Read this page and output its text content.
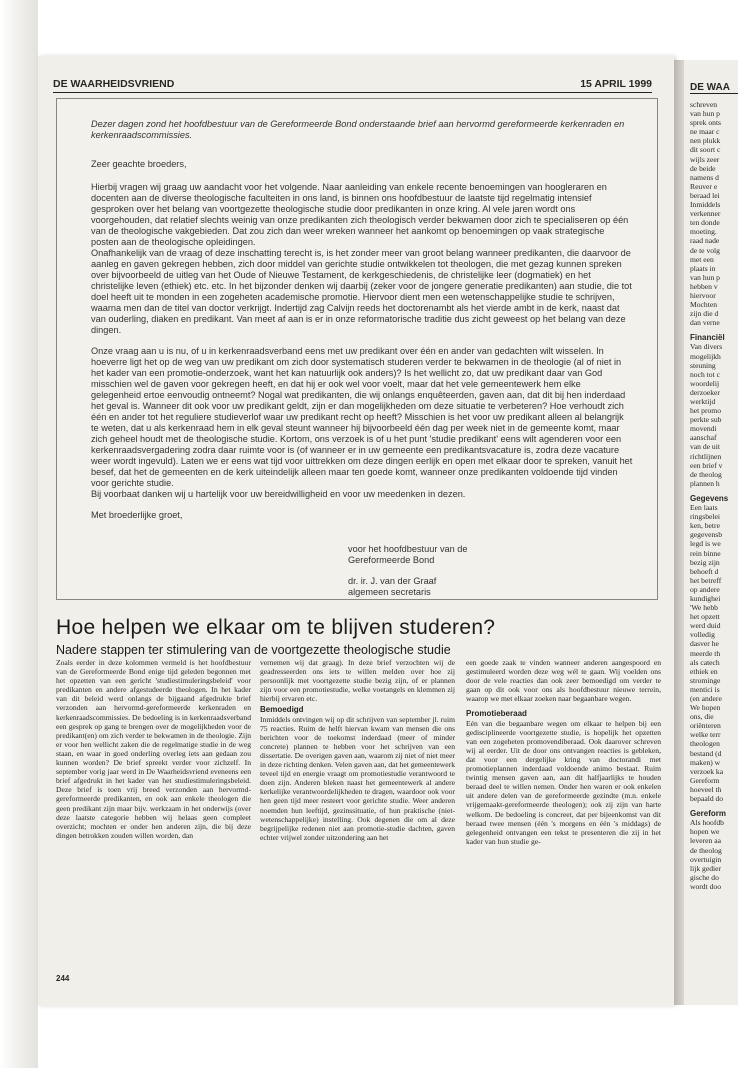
DE WAARHEIDSVRIEND	15 APRIL 1999

Dezer dagen zond het hoofdbestuur van de Gereformeerde Bond onderstaande brief aan hervormd gereformeerde kerkenraden en kerkenraadscommissies.

Zeer geachte broeders,

Hierbij vragen wij graag uw aandacht voor het volgende. Naar aanleiding van enkele recente benoemingen van hoogleraren en docenten aan de diverse theologische faculteiten in ons land, is binnen ons hoofdbestuur de laatste tijd regelmatig intensief gesproken over het belang van voortgezette theologische studie door predikanten in onze kring. Al vele jaren wordt ons voorgehouden, dat relatief slechts weinig van onze predikanten zich theologisch verder bekwamen door zich te specialiseren op één van de theologische vakgebieden. Dat zou zich dan weer wreken wanneer het aankomt op benoemingen op vaak strategische posten aan de theologische opleidingen.

Onafhankelijk van de vraag of deze inschatting terecht is, is het zonder meer van groot belang wanneer predikanten, die daarvoor de aanleg en gaven gekregen hebben, zich door middel van gerichte studie ontwikkelen tot theologen, die met gezag kunnen spreken over bijvoorbeeld de uitleg van het Oude of Nieuwe Testament, de kerkgeschiedenis, de christelijke leer (dogmatiek) en het christelijke leven (ethiek) etc. etc. In het bijzonder denken wij daarbij (zeker voor de jongere generatie predikanten) aan studie, die tot doel heeft uit te monden in een zogeheten academische promotie. Hiervoor dient men een wetenschappelijke studie te schrijven, waarna men dan de titel van doctor verkrijgt. Indertijd zag Calvijn reeds het doctorenambt als het vierde ambt in de kerk, naast dat van ouderling, diaken en predikant. Van meet af aan is er in onze reformatorische traditie dus zicht geweest op het belang van deze dingen.

Onze vraag aan u is nu, of u in kerkenraadsverband eens met uw predikant over één en ander van gedachten wilt wisselen. In hoeverre ligt het op de weg van uw predikant om zich door systematisch studeren verder te bekwamen in de theologie (al of niet in het kader van een promotie-onderzoek, want het kan natuurlijk ook anders)? Is het wellicht zo, dat uw predikant daar van God misschien wel de gaven voor gekregen heeft, en dat hij er ook wel voor voelt, maar dat het vele gemeentewerk hem elke gelegenheid ertoe eenvoudig ontneemt? Nogal wat predikanten, die wij onlangs enquêteerden, gaven aan, dat dit bij hen inderdaad het geval is. Wanneer dit ook voor uw predikant geldt, zijn er dan mogelijkheden om deze situatie te verbeteren? Hoe verhoudt zich één en ander tot het reguliere studieverlof waar uw predikant recht op heeft? Misschien is het voor uw predikant alleen al belangrijk te weten, dat u als kerkenraad hem in elk geval steunt wanneer hij bijvoorbeeld één dag per week niet in de gemeente komt, maar zich geheel houdt met de theologische studie. Kortom, ons verzoek is of u het punt 'studie predikant' eens wilt agenderen voor een kerkenraadsvergadering zodra daar ruimte voor is (of wanneer er in uw gemeente een predikantsvacature is, zodra deze vacature weer wordt ingevuld). Laten we er eens wat tijd voor uittrekken om deze dingen eerlijk en open met elkaar door te spreken, vanuit het besef, dat het de gemeenten en de kerk uiteindelijk alleen maar ten goede komt, wanneer onze predikanten voldoende tijd vinden voor gerichte studie.

Bij voorbaat danken wij u hartelijk voor uw bereidwilligheid en voor uw meedenken in dezen.

Met broederlijke groet,

voor het hoofdbestuur van de
Gereformeerde Bond
dr. ir. J. van der Graaf
algemeen secretaris
Hoe helpen we elkaar om te blijven studeren?
Nadere stappen ter stimulering van de voortgezette theologische studie

Zoals eerder in deze kolommen vermeld is het hoofdbestuur van de Gereformeerde Bond enige tijd geleden begonnen met het opzetten van een gericht 'studiestimuleringsbeleid' voor predikanten en andere afgestudeerde theologen. In het kader van dit beleid werd onlangs de bijgaand afgedrukte brief verzonden aan hervormd-gereformeerde kerkenraden en kerkenraadscommissies. De bedoeling is in kerkenraadsverband een gesprek op gang te brengen over de mogelijkheden voor de predikant(en) om zich verder te bekwamen in de theologie. Zijn er voor hen wellicht zaken die de regelmatige studie in de weg staan, en waar in goed onderling overleg iets aan gedaan zou kunnen worden? De brief spreekt verder voor zichzelf. In september vorig jaar werd in De Waarheidsvriend eveneens een brief afgedrukt in het kader van het studiestimuleringsbeleid. Deze brief is toen vrij breed verzonden aan hervormd-gereformeerde predikanten, en ook aan enkele theologen die geen predikant zijn maar bijv. werkzaam in het onderwijs (over deze laatste categorie hebben wij helaas geen compleet overzicht; mochten er onder hen anderen zijn, die bij deze dingen betrokken zouden willen worden, dan

vernemen wij dat graag). In deze brief verzochten wij de geadresseerden ons iets te willen melden over hoe zij persoonlijk met voortgezette studie bezig zijn, of er plannen zijn voor een promotiestudie, welke voetangels en klemmen zij hierbij ervaren etc.

Bemoedigd

Inmiddels ontvingen wij op dit schrijven van september jl. ruim 75 reacties. Ruim de helft hiervan kwam van mensen die ons berichten voor de toekomst inderdaad (meer of minder concrete) plannen te hebben voor het schrijven van een dissertatie. De overigen gaven aan, waarom zij niet of niet meer in deze richting denken. Velen gaven aan, dat het gemeentewerk teveel tijd en energie vraagt om promotiestudie verantwoord te doen zijn. Anderen bleken naast het gemeentewerk al andere kerkelijke verantwoordelijkheden te dragen, waardoor ook voor hen geen tijd meer resteert voor gerichte studie. Weer anderen noemden hun leeftijd, gezinssituatie, of hun praktische (niet-wetenschappelijke) instelling. Ook degenen die om al deze begrijpelijke redenen niet aan promotie-studie dachten, gaven echter vrijwel zonder uitzondering aan het

een goede zaak te vinden wanneer anderen aangespoord en gestimuleerd worden deze weg wél te gaan. Wij voelden ons door de vele reacties dan ook zeer bemoedigd om verder te gaan op dit ook voor ons als hoofdbestuur nieuwe terrein, waarop we met elkaar zoeken naar begaanbare wegen.

Promotieberaad

Eén van die begaanbare wegen om elkaar te helpen bij een gedisciplineerde voortgezette studie, is hopelijk het opzetten van een zogeheten promovendiberaad. Ook daarover schreven wij al eerder. Uit de door ons ontvangen reacties is gebleken, dat voor een dergelijke kring van doctorandi met promotieplannen inderdaad voldoende animo bestaat. Ruim twintig mensen gaven aan, aan dit halfjaarlijks te houden beraad deel te willen nemen. Onder hen waren er ook enkelen uit andere delen van de gereformeerde gezindte (m.n. enkele vrijgemaakt-gereformeerde theologen); ook zij zijn van harte welkom. De bedoeling is concreet, dat per bijeenkomst van dit beraad twee mensen (één 's morgens en één 's middags) de gelegenheid ontvangen een tekst te presenteren die zij in het kader van hun studie ge-

244
DE WAA
schreven
van hun p
sprek onts
ne maar c
nen plukk
dit soort c
wijls zeer
de beide
namens d
Reuver e
beraad lei
Inmiddels
verkenner
ten donde
moeting.
raad nade
de te volg
met een
plaats in
van hun p
hebben v
hiervoor
Mochten
zijn die d
dan verne
Financiël
Van divers
mogelijkh
steuning
noch tot c
woordelij
derzoeker
werktijd
het promo
perkte sub
movendi
aanschaf
van de uit
richtlijnen
een brief v
de theolog
plannen h
Gegevens
Een laats
ringsbelei
ken, betre
gegevensb
legd is we
rein binne
bezig zijn
behoeft d
het betreff
op andere
kundighei
'We hebb
het opzett
werd duid
volledig
dasver he
meerde th
als catech
ethiek en
strominge
mentici is
(en andere
We hopen
ons, die
oriënteren
welke terr
theologen
bestand (d
maken) w
verzoek ka
Gereform
hoeveel th
bepaald do
Gereform
Als hoofdb
hopen we
leveren aa
de theolog
overtuigin
lijk gedier
gische do
wordt doo
